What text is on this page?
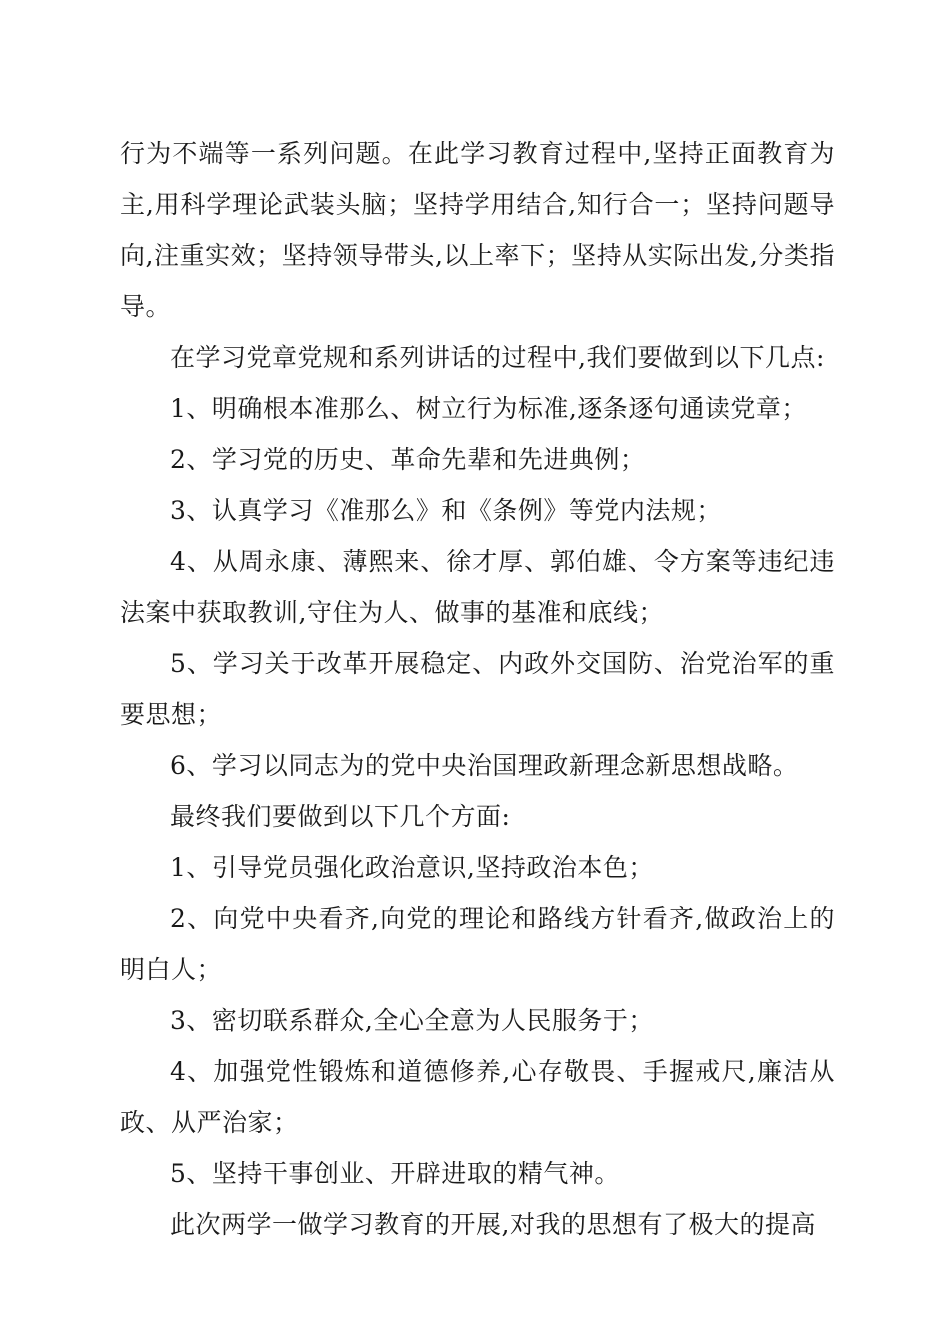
行为不端等一系列问题。在此学习教育过程中,坚持正面教育为主,用科学理论武装头脑；坚持学用结合,知行合一；坚持问题导向,注重实效；坚持领导带头,以上率下；坚持从实际出发,分类指导。

在学习党章党规和系列讲话的过程中,我们要做到以下几点:

1、明确根本准那么、树立行为标准,逐条逐句通读党章；

2、学习党的历史、革命先辈和先进典例；

3、认真学习《准那么》和《条例》等党内法规；

4、从周永康、薄熙来、徐才厚、郭伯雄、令方案等违纪违法案中获取教训,守住为人、做事的基准和底线；

5、学习关于改革开展稳定、内政外交国防、治党治军的重要思想；

6、学习以同志为的党中央治国理政新理念新思想战略。

最终我们要做到以下几个方面:

1、引导党员强化政治意识,坚持政治本色；

2、向党中央看齐,向党的理论和路线方针看齐,做政治上的明白人；

3、密切联系群众,全心全意为人民服务于；

4、加强党性锻炼和道德修养,心存敬畏、手握戒尺,廉洁从政、从严治家；

5、坚持干事创业、开辟进取的精气神。

此次两学一做学习教育的开展,对我的思想有了极大的提高
